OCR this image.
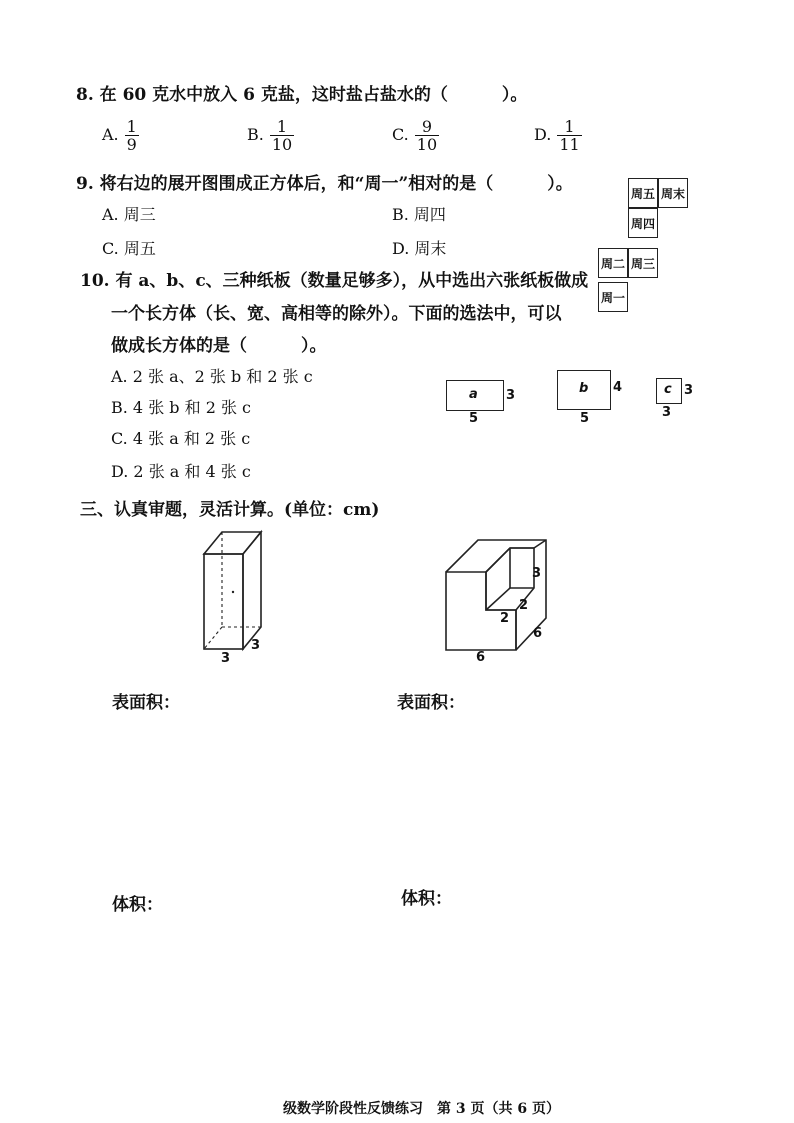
8. 在 60 克水中放入 6 克盐，这时盐占盐水的（	）。
A. $\frac{1}{9}$	B. $\frac{1}{10}$	C. $\frac{9}{10}$	D. $\frac{1}{11}$
9. 将右边的展开图围成正方体后，和“周一”相对的是（	）。
A. 周三	B. 周四
C. 周五	D. 周末
周五 周末
周四
周二 周三
周一
10. 有 a、b、c、三种纸板（数量足够多），从中选出六张纸板做成
一个长方体（长、宽、高相等的除外）。下面的选法中，可以
做成长方体的是（	）。
A. 2 张 a、2 张 b 和 2 张 c
B. 4 张 b 和 2 张 c
C. 4 张 a 和 2 张 c
D. 2 张 a 和 4 张 c
a 3
5
b 4
5
c 3
3
三、认真审题，灵活计算。(单位：cm)
3
3
3
2
2
6
6
表面积：	表面积：
体积：	体积：
级数学阶段性反馈练习　第 3 页（共 6 页）
